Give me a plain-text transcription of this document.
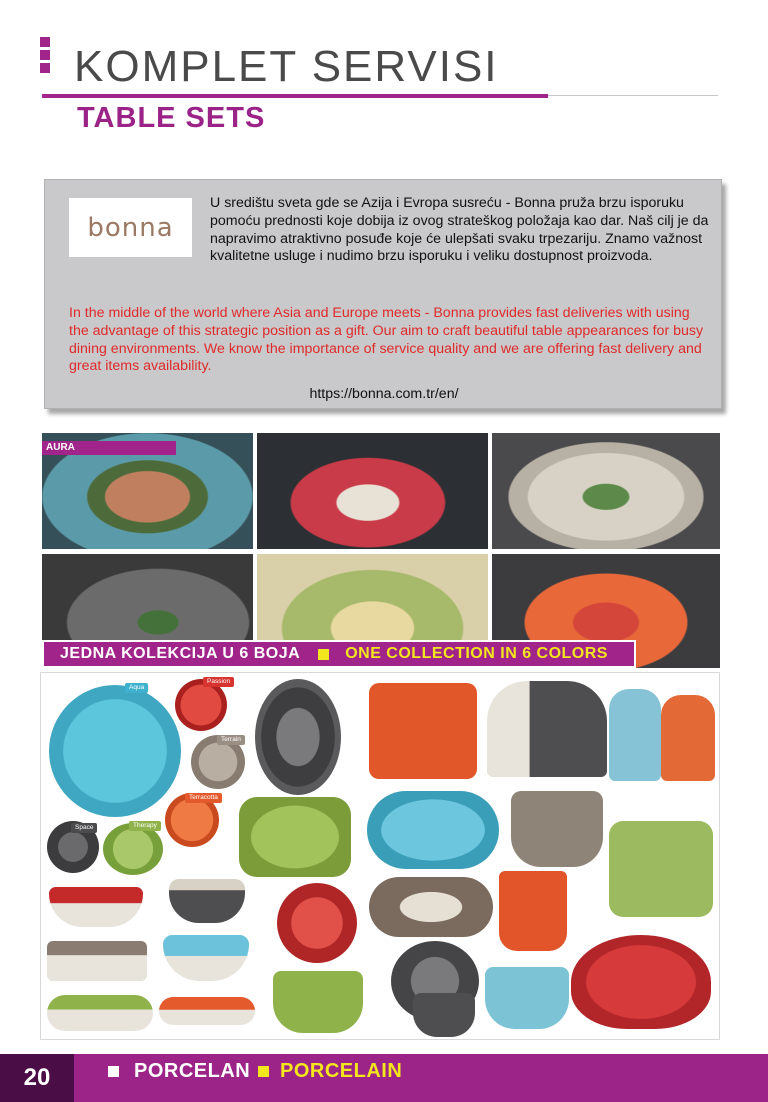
KOMPLET SERVISI
TABLE SETS
U središtu sveta gde se Azija i Evropa susreću - Bonna pruža brzu isporuku pomoću prednosti koje dobija iz ovog strateškog položaja kao dar. Naš cilj je da napravimo atraktivno posuđe koje će ulepšati svaku trpezariju. Znamo važnost kvalitetne usluge i nudimo brzu isporuku i veliku dostupnost proizvoda.
bonna
In the middle of the world where Asia and Europe meets - Bonna provides fast deliveries with using the advantage of this strategic position as a gift. Our aim to craft beautiful table appearances for busy dining environments. We know the importance of service quality and we are offering fast delivery and great items availability.
https://bonna.com.tr/en/
AURA
JEDNA KOLEKCIJA U 6 BOJA	ONE COLLECTION IN 6 COLORS
Aqua
Passion
Terrain
Terracotta
Space	Therapy
20	PORCELAN PORCELAIN
